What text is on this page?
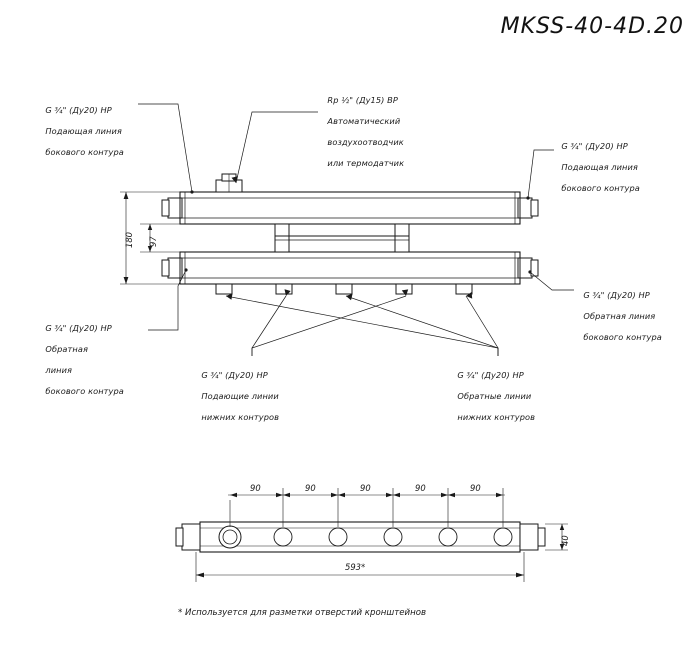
MKSS-40-4D.20

G ¾" (Ду20) НР

Подающая линия

бокового контура

Rp ½" (Ду15) ВР

Автоматический

воздухоотводчик

или термодатчик

G ¾" (Ду20) НР

Подающая линия

бокового контура

G ¾" (Ду20) НР

Обратная

линия

бокового контура

G ¾" (Ду20) НР

Обратная линия

бокового контура

G ¾" (Ду20) НР

Подающие линии

нижних контуров

G ¾" (Ду20) НР

Обратные линии

нижних контуров

180 97
90	90	90	90	90
593*
40
* Используется для разметки отверстий кронштейнов
